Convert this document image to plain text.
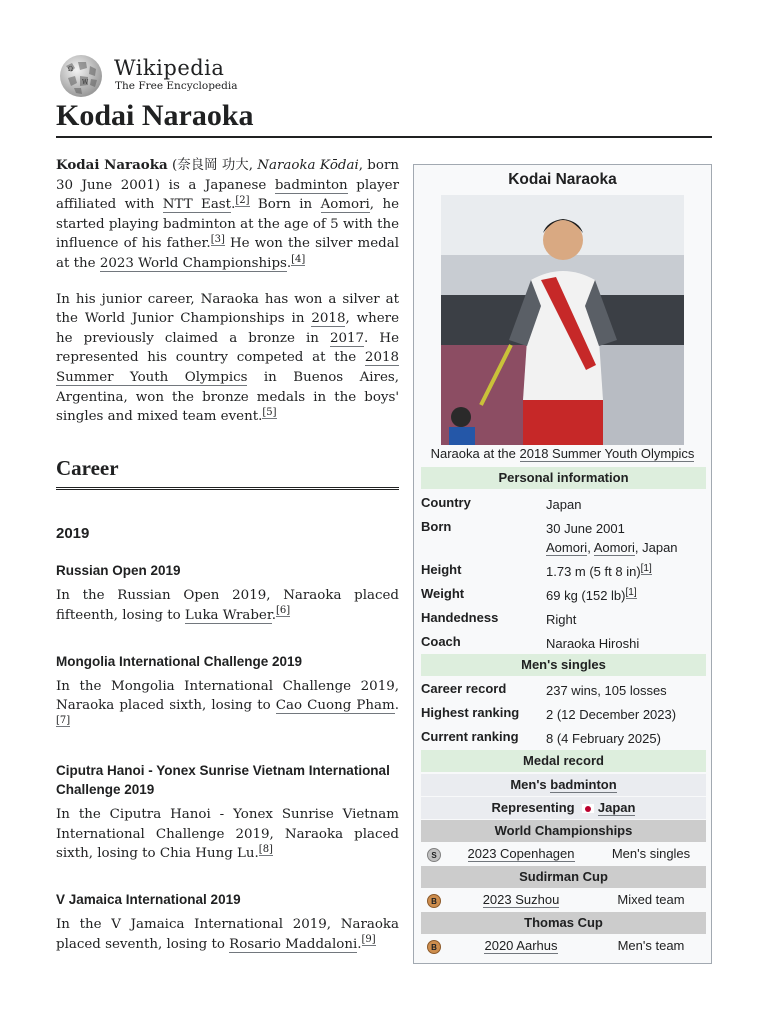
Ω
W
Wikipedia
The Free Encyclopedia
Kodai Naraoka

Kodai Naraoka (奈良岡 功大, Naraoka Kōdai, born 30 June 2001) is a Japanese badminton player affiliated with NTT East.[2] Born in Aomori, he started playing badminton at the age of 5 with the influence of his father.[3] He won the silver medal at the 2023 World Championships.[4]

In his junior career, Naraoka has won a silver at the World Junior Championships in 2018, where he previously claimed a bronze in 2017. He represented his country competed at the 2018 Summer Youth Olympics in Buenos Aires, Argentina, won the bronze medals in the boys' singles and mixed team event.[5]

Career
2019
Russian Open 2019

In the Russian Open 2019, Naraoka placed fifteenth, losing to Luka Wraber.[6]

Mongolia International Challenge 2019

In the Mongolia International Challenge 2019, Naraoka placed sixth, losing to Cao Cuong Pham.[7]

Ciputra Hanoi - Yonex Sunrise Vietnam International Challenge 2019

In the Ciputra Hanoi - Yonex Sunrise Vietnam International Challenge 2019, Naraoka placed sixth, losing to Chia Hung Lu.[8]

V Jamaica International 2019

In the V Jamaica International 2019, Naraoka placed seventh, losing to Rosario Maddaloni.[9]

Kodai Naraoka
Naraoka at the 2018 Summer Youth Olympics
Personal information
Country	Japan
Born	30 June 2001
Aomori, Aomori, Japan
Height	1.73 m (5 ft 8 in)[1]
Weight	69 kg (152 lb)[1]
Handedness	Right
Coach	Naraoka Hiroshi
Men's singles
Career record	237 wins, 105 losses
Highest ranking 2 (12 December 2023)
Current ranking 8 (4 February 2025)
Medal record
Men's badminton
Representing Japan
World Championships
S	2023 Copenhagen	Men's singles
Sudirman Cup
B	2023 Suzhou	Mixed team
Thomas Cup
B	2020 Aarhus	Men's team
